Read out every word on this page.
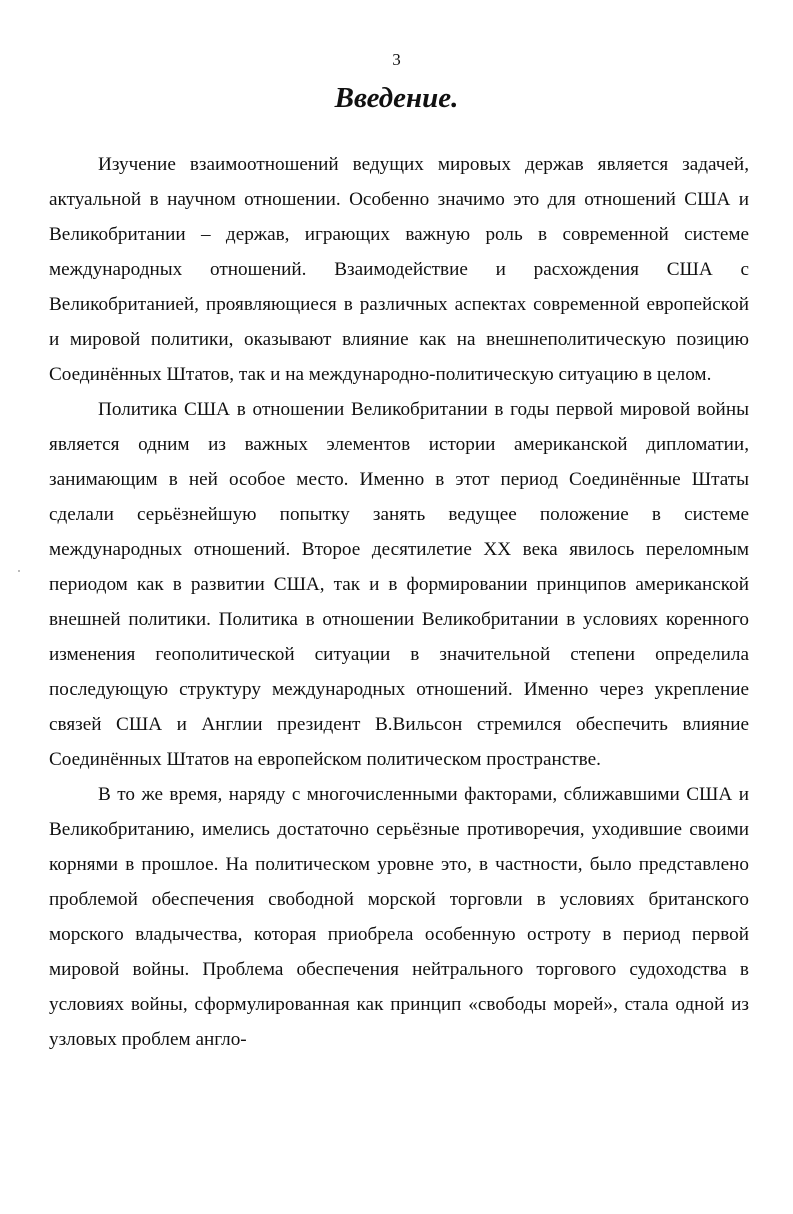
3
Введение.

Изучение взаимоотношений ведущих мировых держав является задачей, актуальной в научном отношении. Особенно значимо это для отношений США и Великобритании – держав, играющих важную роль в современной системе международных отношений. Взаимодействие и расхождения США с Великобританией, проявляющиеся в различных аспектах современной европейской и мировой политики, оказывают влияние как на внешнеполитическую позицию Соединённых Штатов, так и на международно-политическую ситуацию в целом.

Политика США в отношении Великобритании в годы первой мировой войны является одним из важных элементов истории американской дипломатии, занимающим в ней особое место. Именно в этот период Соединённые Штаты сделали серьёзнейшую попытку занять ведущее положение в системе международных отношений. Второе десятилетие XX века явилось переломным периодом как в развитии США, так и в формировании принципов американской внешней политики. Политика в отношении Великобритании в условиях коренного изменения геополитической ситуации в значительной степени определила последующую структуру международных отношений. Именно через укрепление связей США и Англии президент В.Вильсон стремился обеспечить влияние Соединённых Штатов на европейском политическом пространстве.

В то же время, наряду с многочисленными факторами, сближавшими США и Великобританию, имелись достаточно серьёзные противоречия, уходившие своими корнями в прошлое. На политическом уровне это, в частности, было представлено проблемой обеспечения свободной морской торговли в условиях британского морского владычества, которая приобрела особенную остроту в период первой мировой войны. Проблема обеспечения нейтрального торгового судоходства в условиях войны, сформулированная как принцип «свободы морей», стала одной из узловых проблем англо-
